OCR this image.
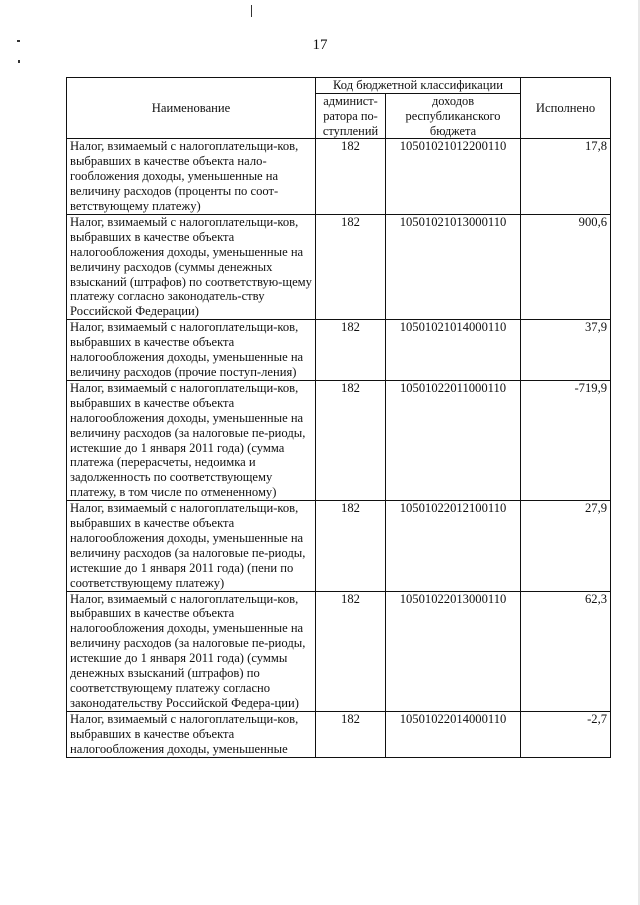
17
Наименование	Код бюджетной классификации		Исполнено
	админист-ратора по-ступлений	доходов республиканского бюджета	
Налог, взимаемый с налогоплательщи-ков, выбравших в качестве объекта нало-гообложения доходы, уменьшенные на величину расходов (проценты по соот-ветствующему платежу)	182	10501021012200110	17,8
Налог, взимаемый с налогоплательщи-ков, выбравших в качестве объекта налогообложения доходы, уменьшенные на величину расходов (суммы денежных взысканий (штрафов) по соответствую-щему платежу согласно законодатель-ству Российской Федерации)	182	10501021013000110	900,6
Налог, взимаемый с налогоплательщи-ков, выбравших в качестве объекта налогообложения доходы, уменьшенные на величину расходов (прочие поступ-ления)	182	10501021014000110	37,9
Налог, взимаемый с налогоплательщи-ков, выбравших в качестве объекта налогообложения доходы, уменьшенные на величину расходов (за налоговые пе-риоды, истекшие до 1 января 2011 года) (сумма платежа (перерасчеты, недоимка и задолженность по соответствующему платежу, в том числе по отмененному)	182	10501022011000110	-719,9
Налог, взимаемый с налогоплательщи-ков, выбравших в качестве объекта налогообложения доходы, уменьшенные на величину расходов (за налоговые пе-риоды, истекшие до 1 января 2011 года) (пени по соответствующему платежу)	182	10501022012100110	27,9
Налог, взимаемый с налогоплательщи-ков, выбравших в качестве объекта налогообложения доходы, уменьшенные на величину расходов (за налоговые пе-риоды, истекшие до 1 января 2011 года) (суммы денежных взысканий (штрафов) по соответствующему платежу согласно законодательству Российской Федера-ции)	182	10501022013000110	62,3
Налог, взимаемый с налогоплательщи-ков, выбравших в качестве объекта налогообложения доходы, уменьшенные	182	10501022014000110	-2,7
